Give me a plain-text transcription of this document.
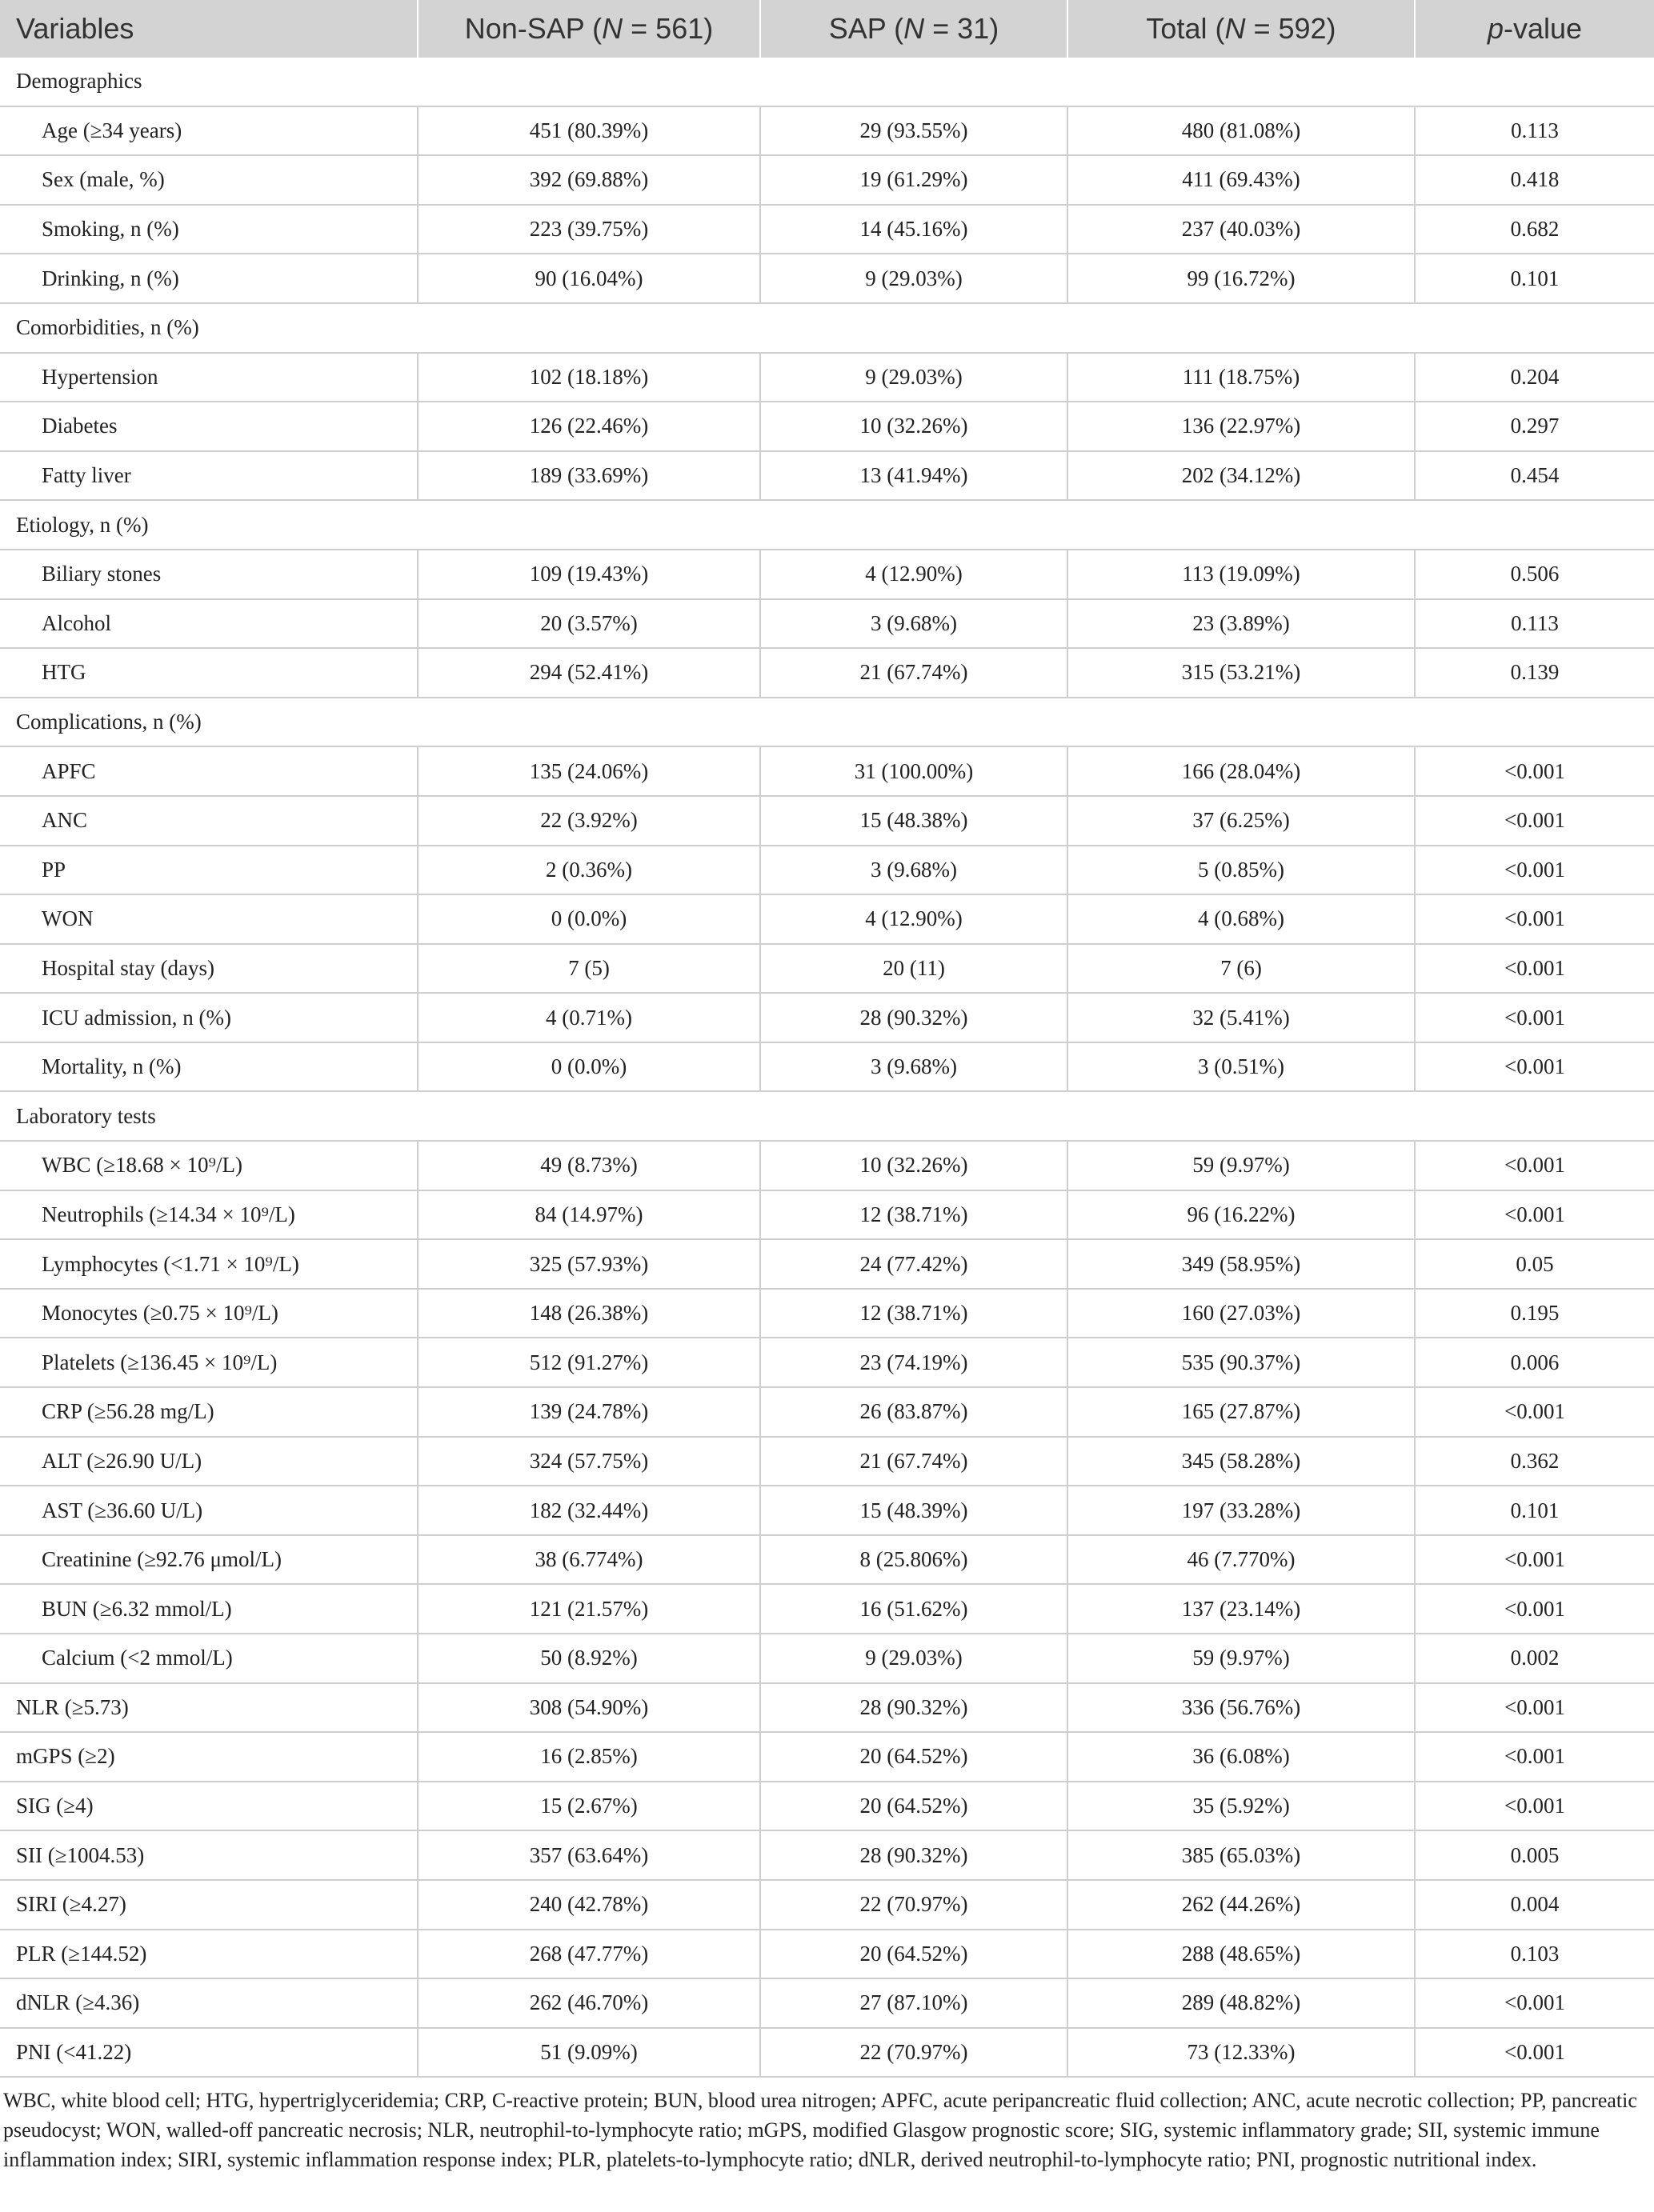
Variables	Non-SAP (N = 561)	SAP (N = 31)	Total (N = 592)	p-value
Demographics				
Age (≥34 years)	451 (80.39%)	29 (93.55%)	480 (81.08%)	0.113
Sex (male, %)	392 (69.88%)	19 (61.29%)	411 (69.43%)	0.418
Smoking, n (%)	223 (39.75%)	14 (45.16%)	237 (40.03%)	0.682
Drinking, n (%)	90 (16.04%)	9 (29.03%)	99 (16.72%)	0.101
Comorbidities, n (%)				
Hypertension	102 (18.18%)	9 (29.03%)	111 (18.75%)	0.204
Diabetes	126 (22.46%)	10 (32.26%)	136 (22.97%)	0.297
Fatty liver	189 (33.69%)	13 (41.94%)	202 (34.12%)	0.454
Etiology, n (%)				
Biliary stones	109 (19.43%)	4 (12.90%)	113 (19.09%)	0.506
Alcohol	20 (3.57%)	3 (9.68%)	23 (3.89%)	0.113
HTG	294 (52.41%)	21 (67.74%)	315 (53.21%)	0.139
Complications, n (%)				
APFC	135 (24.06%)	31 (100.00%)	166 (28.04%)	<0.001
ANC	22 (3.92%)	15 (48.38%)	37 (6.25%)	<0.001
PP	2 (0.36%)	3 (9.68%)	5 (0.85%)	<0.001
WON	0 (0.0%)	4 (12.90%)	4 (0.68%)	<0.001
Hospital stay (days)	7 (5)	20 (11)	7 (6)	<0.001
ICU admission, n (%)	4 (0.71%)	28 (90.32%)	32 (5.41%)	<0.001
Mortality, n (%)	0 (0.0%)	3 (9.68%)	3 (0.51%)	<0.001
Laboratory tests				
WBC (≥18.68 × 10⁹/L)	49 (8.73%)	10 (32.26%)	59 (9.97%)	<0.001
Neutrophils (≥14.34 × 10⁹/L)	84 (14.97%)	12 (38.71%)	96 (16.22%)	<0.001
Lymphocytes (<1.71 × 10⁹/L)	325 (57.93%)	24 (77.42%)	349 (58.95%)	0.05
Monocytes (≥0.75 × 10⁹/L)	148 (26.38%)	12 (38.71%)	160 (27.03%)	0.195
Platelets (≥136.45 × 10⁹/L)	512 (91.27%)	23 (74.19%)	535 (90.37%)	0.006
CRP (≥56.28 mg/L)	139 (24.78%)	26 (83.87%)	165 (27.87%)	<0.001
ALT (≥26.90 U/L)	324 (57.75%)	21 (67.74%)	345 (58.28%)	0.362
AST (≥36.60 U/L)	182 (32.44%)	15 (48.39%)	197 (33.28%)	0.101
Creatinine (≥92.76 μmol/L)	38 (6.774%)	8 (25.806%)	46 (7.770%)	<0.001
BUN (≥6.32 mmol/L)	121 (21.57%)	16 (51.62%)	137 (23.14%)	<0.001
Calcium (<2 mmol/L)	50 (8.92%)	9 (29.03%)	59 (9.97%)	0.002
NLR (≥5.73)	308 (54.90%)	28 (90.32%)	336 (56.76%)	<0.001
mGPS (≥2)	16 (2.85%)	20 (64.52%)	36 (6.08%)	<0.001
SIG (≥4)	15 (2.67%)	20 (64.52%)	35 (5.92%)	<0.001
SII (≥1004.53)	357 (63.64%)	28 (90.32%)	385 (65.03%)	0.005
SIRI (≥4.27)	240 (42.78%)	22 (70.97%)	262 (44.26%)	0.004
PLR (≥144.52)	268 (47.77%)	20 (64.52%)	288 (48.65%)	0.103
dNLR (≥4.36)	262 (46.70%)	27 (87.10%)	289 (48.82%)	<0.001
PNI (<41.22)	51 (9.09%)	22 (70.97%)	73 (12.33%)	<0.001
WBC, white blood cell; HTG, hypertriglyceridemia; CRP, C-reactive protein; BUN, blood urea nitrogen; APFC, acute peripancreatic fluid collection; ANC, acute necrotic collection; PP, pancreatic pseudocyst; WON, walled-off pancreatic necrosis; NLR, neutrophil-to-lymphocyte ratio; mGPS, modified Glasgow prognostic score; SIG, systemic inflammatory grade; SII, systemic immune inflammation index; SIRI, systemic inflammation response index; PLR, platelets-to-lymphocyte ratio; dNLR, derived neutrophil-to-lymphocyte ratio; PNI, prognostic nutritional index.
